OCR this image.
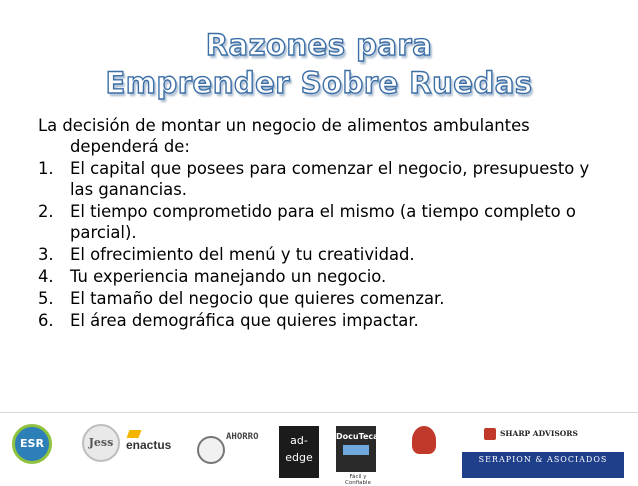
Razones para
Emprender Sobre Ruedas

La decisión de montar un negocio de alimentos ambulantes dependerá de:

1. El capital que posees para comenzar el negocio, presupuesto y las ganancias.
2. El tiempo comprometido para el mismo (a tiempo completo o parcial).
3. El ofrecimiento del menú y tu creatividad.
4. Tu experiencia manejando un negocio.
5. El tamaño del negocio que quieres comenzar.
6. El área demográfica que quieres impactar.
ESR	Jess	enactus
AHORRO	ad-
edge
DocuTeca
Fácil y Confiable
SHARP ADVISORS
SERAPION & ASOCIADOS
